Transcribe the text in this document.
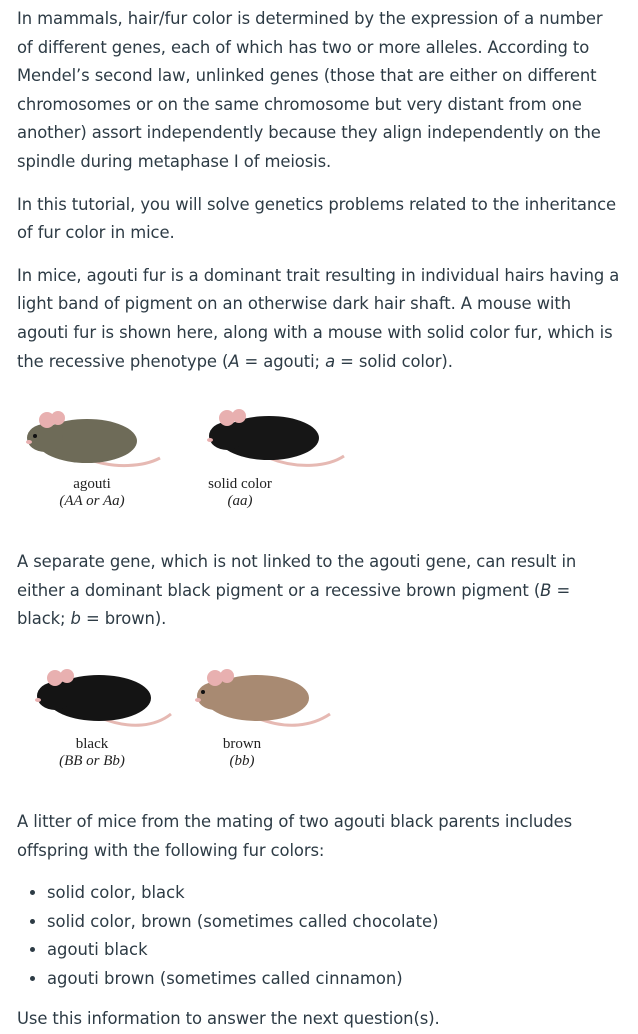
In mammals, hair/fur color is determined by the expression of a number of different genes, each of which has two or more alleles. According to Mendel’s second law, unlinked genes (those that are either on different chromosomes or on the same chromosome but very distant from one another) assort independently because they align independently on the spindle during metaphase I of meiosis.

In this tutorial, you will solve genetics problems related to the inheritance of fur color in mice.

In mice, agouti fur is a dominant trait resulting in individual hairs having a light band of pigment on an otherwise dark hair shaft. A mouse with agouti fur is shown here, along with a mouse with solid color fur, which is the recessive phenotype (A = agouti; a = solid color).

agouti
(AA or Aa)
solid color
(aa)

A separate gene, which is not linked to the agouti gene, can result in either a dominant black pigment or a recessive brown pigment (B = black; b = brown).

black
(BB or Bb)
brown
(bb)

A litter of mice from the mating of two agouti black parents includes offspring with the following fur colors:

• solid color, black
• solid color, brown (sometimes called chocolate)
• agouti black
• agouti brown (sometimes called cinnamon)

Use this information to answer the next question(s).
